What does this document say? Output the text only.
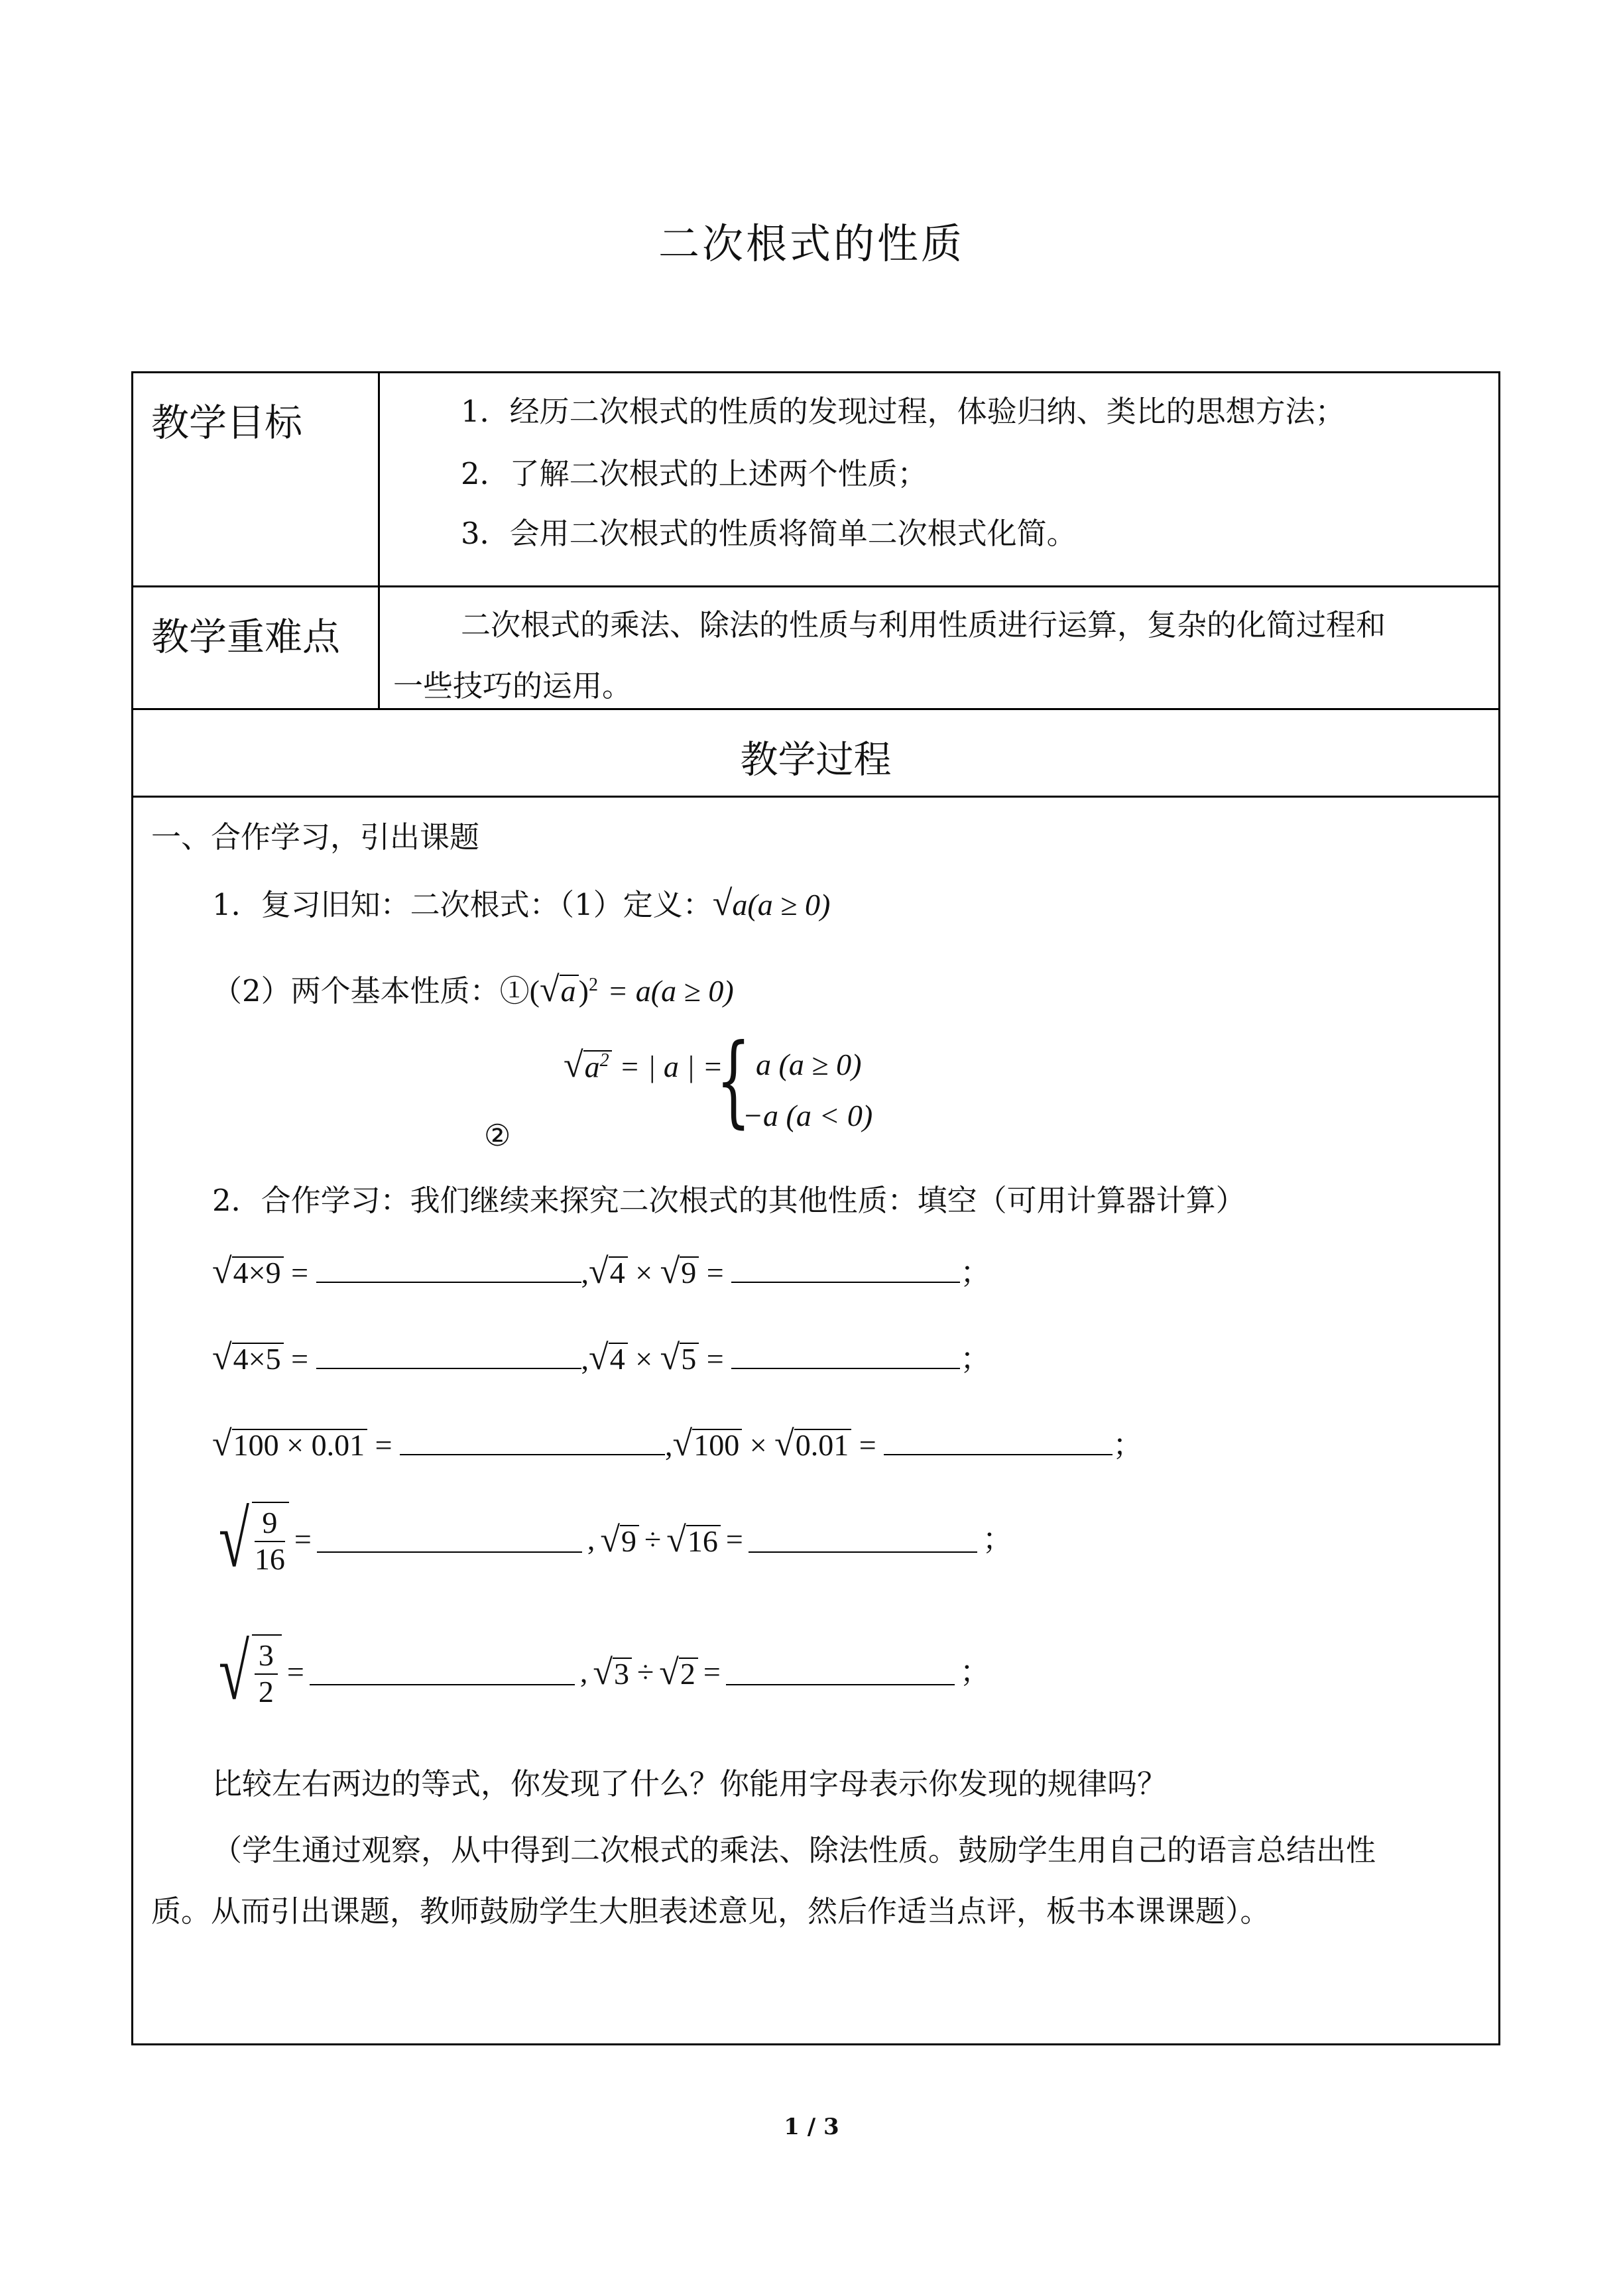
二次根式的性质
教学目标	1．经历二次根式的性质的发现过程，体验归纳、类比的思想方法；
2．了解二次根式的上述两个性质；
3．会用二次根式的性质将简单二次根式化简。
教学重难点	二次根式的乘法、除法的性质与利用性质进行运算，复杂的化简过程和
一些技巧的运用。
教学过程
一、合作学习，引出课题
1．复习旧知：二次根式：（1）定义：√a(a ≥ 0)
（2）两个基本性质：$①(√a)^2 = a(a \ge 0)$
②
$√a^2$ = | a | =
{ a (a ≥ 0)
−a (a < 0)
2．合作学习：我们继续来探究二次根式的其他性质：填空（可用计算器计算）
√4×9 =	,√4 × √9 =	；
√4×5 =	,√4 × √5 =	；
√100 × 0.01 =	,√100 × √0.01 =	；
√ $\frac{9}{16}$ =	, √9 ÷ √16 =	；
√ $\frac{3}{2}$ =	, √3 ÷ √2 =	；
比较左右两边的等式，你发现了什么？你能用字母表示你发现的规律吗？
（学生通过观察，从中得到二次根式的乘法、除法性质。鼓励学生用自己的语言总结出性
质。从而引出课题，教师鼓励学生大胆表述意见，然后作适当点评，板书本课课题）。
1 / 3
